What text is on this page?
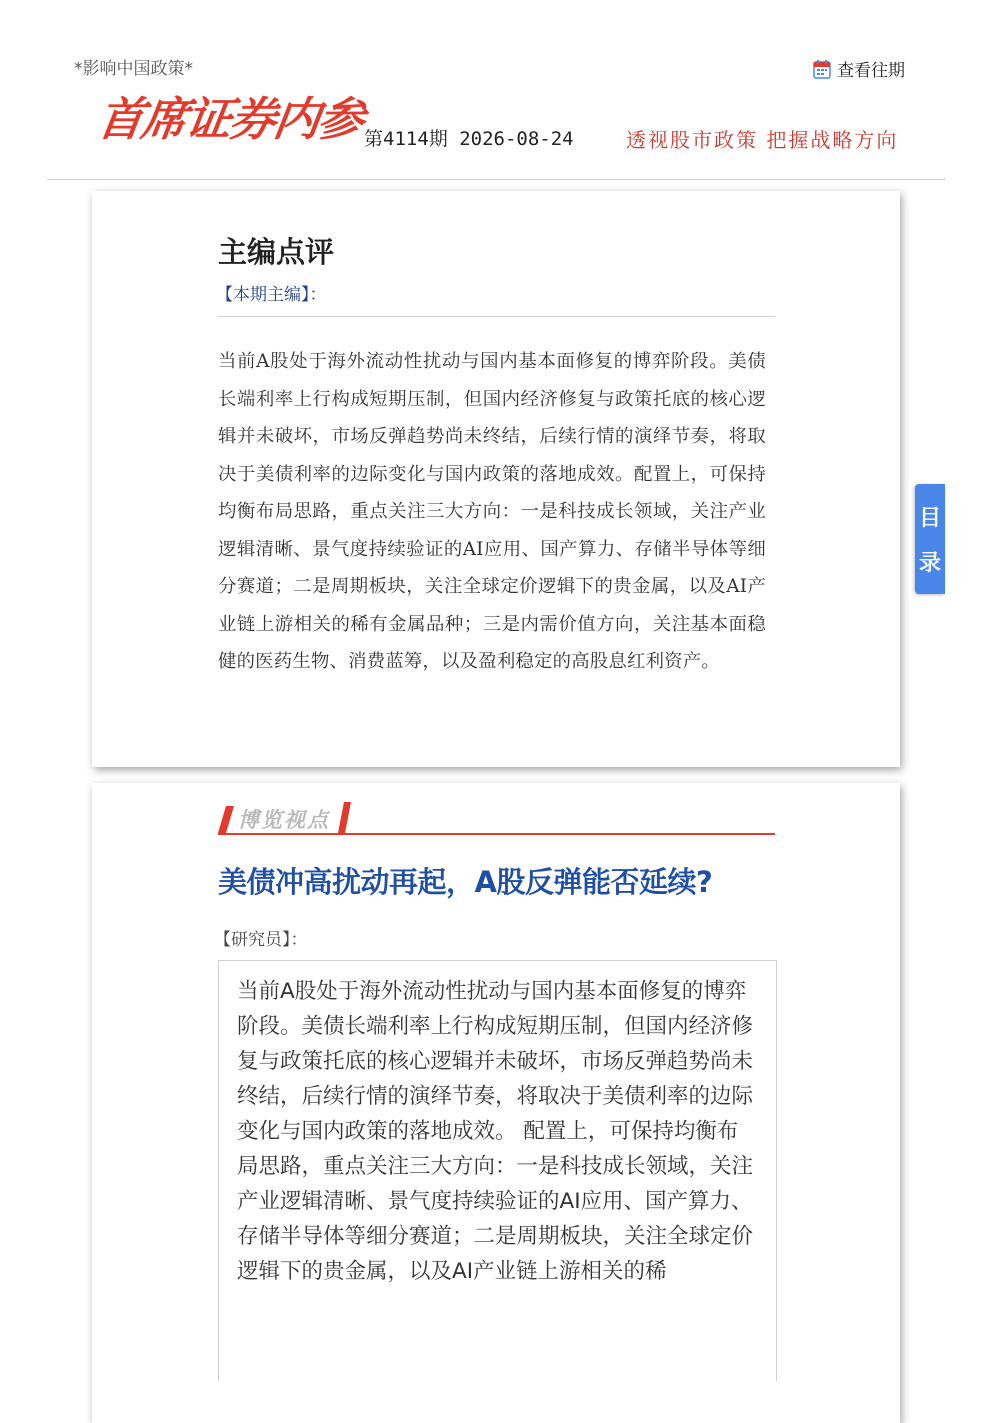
*影响中国政策*	查看往期
首席证券内参
第4114期 2026-08-24	透视股市政策 把握战略方向
主编点评
【本期主编】：
当前A股处于海外流动性扰动与国内基本面修复的博弈阶段。美债长端利率上行构成短期压制，但国内经济修复与政策托底的核心逻辑并未破坏，市场反弹趋势尚未终结，后续行情的演绎节奏，将取决于美债利率的边际变化与国内政策的落地成效。配置上，可保持均衡布局思路，重点关注三大方向：一是科技成长领域，关注产业逻辑清晰、景气度持续验证的AI应用、国产算力、存储半导体等细分赛道；二是周期板块，关注全球定价逻辑下的贵金属，以及AI产业链上游相关的稀有金属品种；三是内需价值方向，关注基本面稳健的医药生物、消费蓝筹，以及盈利稳定的高股息红利资产。
博览视点
美债冲高扰动再起，A股反弹能否延续?
【研究员】：
当前A股处于海外流动性扰动与国内基本面修复的博弈阶段。美债长端利率上行构成短期压制，但国内经济修复与政策托底的核心逻辑并未破坏，市场反弹趋势尚未终结，后续行情的演绎节奏，将取决于美债利率的边际变化与国内政策的落地成效。 配置上，可保持均衡布局思路，重点关注三大方向：一是科技成长领域，关注产业逻辑清晰、景气度持续验证的AI应用、国产算力、存储半导体等细分赛道；二是周期板块，关注全球定价逻辑下的贵金属，以及AI产业链上游相关的稀
目
录
